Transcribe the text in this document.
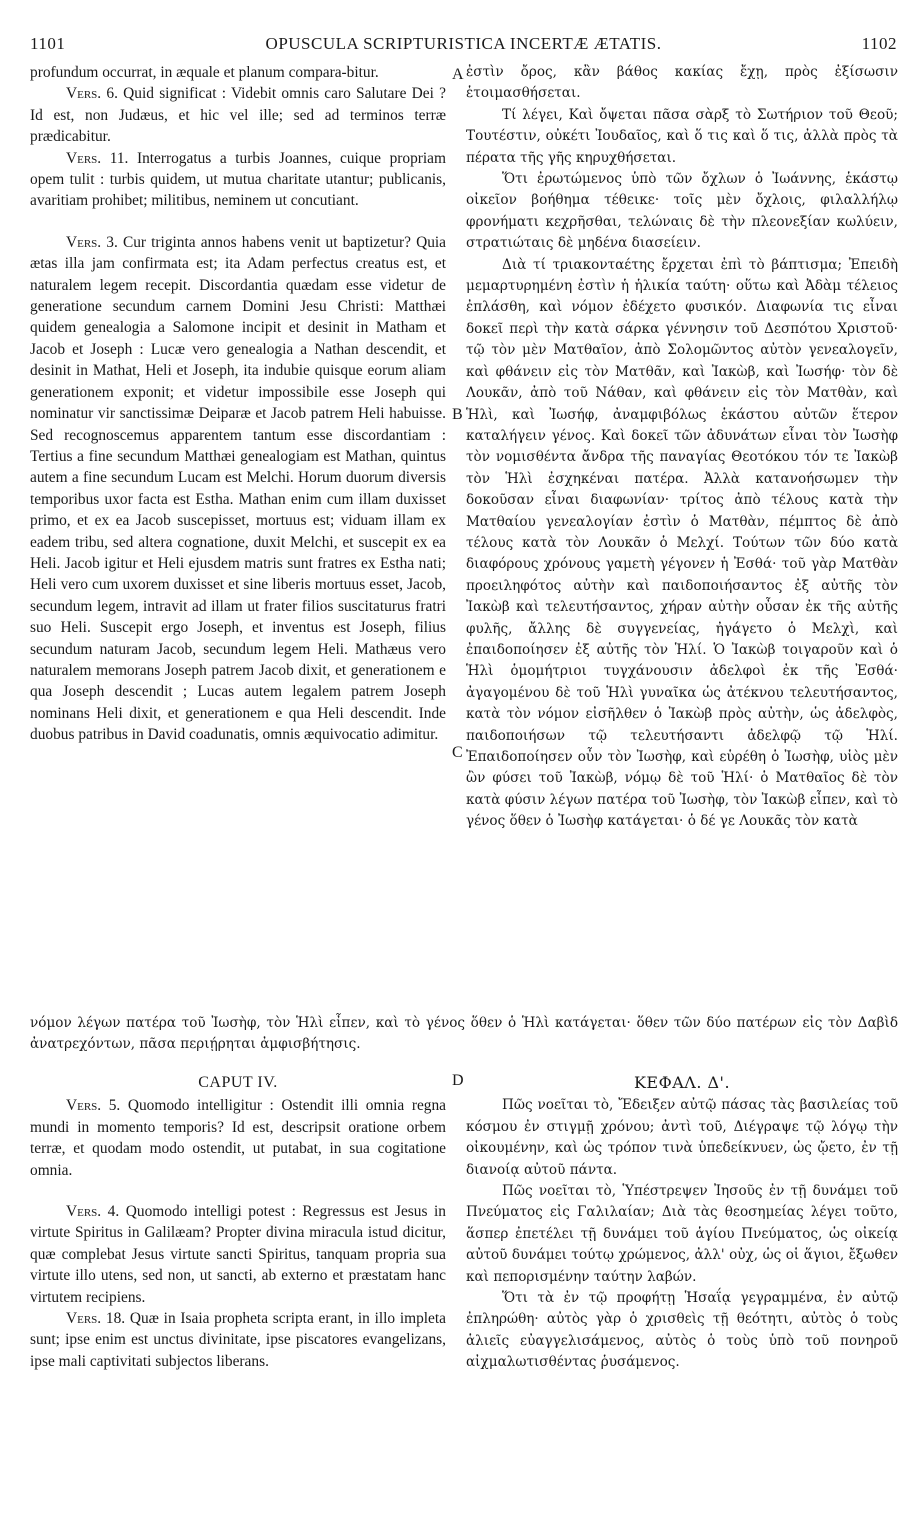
1101	OPUSCULA SCRIPTURISTICA INCERTÆ ÆTATIS.	1102
A
B
C
D

profundum occurrat, in æquale et planum compara-bitur.

Vers. 6. Quid significat : Videbit omnis caro Salutare Dei ? Id est, non Judæus, et hic vel ille; sed ad terminos terræ prædicabitur.

Vers. 11. Interrogatus a turbis Joannes, cuique propriam opem tulit : turbis quidem, ut mutua charitate utantur; publicanis, avaritiam prohibet; militibus, neminem ut concutiant.

Vers. 3. Cur triginta annos habens venit ut baptizetur? Quia ætas illa jam confirmata est; ita Adam perfectus creatus est, et naturalem legem recepit. Discordantia quædam esse videtur de generatione secundum carnem Domini Jesu Christi: Matthæi quidem genealogia a Salomone incipit et desinit in Matham et Jacob et Joseph : Lucæ vero genealogia a Nathan descendit, et desinit in Mathat, Heli et Joseph, ita indubie quisque eorum aliam generationem exponit; et videtur impossibile esse Joseph qui nominatur vir sanctissimæ Deiparæ et Jacob patrem Heli habuisse. Sed recognoscemus apparentem tantum esse discordantiam : Tertius a fine secundum Matthæi genealogiam est Mathan, quintus autem a fine secundum Lucam est Melchi. Horum duorum diversis temporibus uxor facta est Estha. Mathan enim cum illam duxisset primo, et ex ea Jacob suscepisset, mortuus est; viduam illam ex eadem tribu, sed altera cognatione, duxit Melchi, et suscepit ex ea Heli. Jacob igitur et Heli ejusdem matris sunt fratres ex Estha nati; Heli vero cum uxorem duxisset et sine liberis mortuus esset, Jacob, secundum legem, intravit ad illam ut frater filios suscitaturus fratri suo Heli. Suscepit ergo Joseph, et inventus est Joseph, filius secundum naturam Jacob, secundum legem Heli. Mathæus vero naturalem memorans Joseph patrem Jacob dixit, et generationem e qua Joseph descendit ; Lucas autem legalem patrem Joseph nominans Heli dixit, et generationem e qua Heli descendit. Inde duobus patribus in David coadunatis, omnis æquivocatio adimitur.

ἐστὶν ὄρος, κἂν βάθος κακίας ἔχῃ, πρὸς ἐξίσωσιν ἑτοιμασθήσεται.

Τί λέγει, Καὶ ὄψεται πᾶσα σὰρξ τὸ Σωτήριον τοῦ Θεοῦ; Τουτέστιν, οὐκέτι Ἰουδαῖος, καὶ ὅ τις καὶ ὅ τις, ἀλλὰ πρὸς τὰ πέρατα τῆς γῆς κηρυχθήσεται.

Ὅτι ἐρωτώμενος ὑπὸ τῶν ὄχλων ὁ Ἰωάννης, ἑκάστῳ οἰκεῖον βοήθημα τέθεικε· τοῖς μὲν ὄχλοις, φιλαλλήλῳ φρονήματι κεχρῆσθαι, τελώναις δὲ τὴν πλεονεξίαν κωλύειν, στρατιώταις δὲ μηδένα διασείειν.

Διὰ τί τριακονταέτης ἔρχεται ἐπὶ τὸ βάπτισμα; Ἐπειδὴ μεμαρτυρημένη ἐστὶν ἡ ἡλικία ταύτη· οὕτω καὶ Ἀδὰμ τέλειος ἐπλάσθη, καὶ νόμον ἐδέχετο φυσικόν. Διαφωνία τις εἶναι δοκεῖ περὶ τὴν κατὰ σάρκα γέννησιν τοῦ Δεσπότου Χριστοῦ· τῷ τὸν μὲν Ματθαῖον, ἀπὸ Σολομῶντος αὐτὸν γενεαλογεῖν, καὶ φθάνειν εἰς τὸν Ματθᾶν, καὶ Ἰακὼβ, καὶ Ἰωσήφ· τὸν δὲ Λουκᾶν, ἀπὸ τοῦ Νάθαν, καὶ φθάνειν εἰς τὸν Ματθὰν, καὶ Ἡλὶ, καὶ Ἰωσήφ, ἀναμφιβόλως ἑκάστου αὐτῶν ἕτερον καταλήγειν γένος. Καὶ δοκεῖ τῶν ἀδυνάτων εἶναι τὸν Ἰωσὴφ τὸν νομισθέντα ἄνδρα τῆς παναγίας Θεοτόκου τόν τε Ἰακὼβ τὸν Ἡλὶ ἐσχηκέναι πατέρα. Ἀλλὰ κατανοήσωμεν τὴν δοκοῦσαν εἶναι διαφωνίαν· τρίτος ἀπὸ τέλους κατὰ τὴν Ματθαίου γενεαλογίαν ἐστὶν ὁ Ματθὰν, πέμπτος δὲ ἀπὸ τέλους κατὰ τὸν Λουκᾶν ὁ Μελχί. Τούτων τῶν δύο κατὰ διαφόρους χρόνους γαμετὴ γέγονεν ἡ Ἐσθά· τοῦ γὰρ Ματθὰν προειληφότος αὐτὴν καὶ παιδοποιήσαντος ἐξ αὐτῆς τὸν Ἰακὼβ καὶ τελευτήσαντος, χήραν αὐτὴν οὖσαν ἐκ τῆς αὐτῆς φυλῆς, ἄλλης δὲ συγγενείας, ἠγάγετο ὁ Μελχὶ, καὶ ἐπαιδοποίησεν ἐξ αὐτῆς τὸν Ἡλί. Ὁ Ἰακὼβ τοιγαροῦν καὶ ὁ Ἡλὶ ὁμομήτριοι τυγχάνουσιν ἀδελφοὶ ἐκ τῆς Ἐσθά· ἀγαγομένου δὲ τοῦ Ἡλὶ γυναῖκα ὡς ἀτέκνου τελευτήσαντος, κατὰ τὸν νόμον εἰσῆλθεν ὁ Ἰακὼβ πρὸς αὐτὴν, ὡς ἀδελφὸς, παιδοποιήσων τῷ τελευτήσαντι ἀδελφῷ τῷ Ἡλί. Ἐπαιδοποίησεν οὖν τὸν Ἰωσὴφ, καὶ εὑρέθη ὁ Ἰωσὴφ, υἱὸς μὲν ὢν φύσει τοῦ Ἰακὼβ, νόμῳ δὲ τοῦ Ἡλί· ὁ Ματθαῖος δὲ τὸν κατὰ φύσιν λέγων πατέρα τοῦ Ἰωσὴφ, τὸν Ἰακὼβ εἶπεν, καὶ τὸ γένος ὅθεν ὁ Ἰωσὴφ κατάγεται· ὁ δέ γε Λουκᾶς τὸν κατὰ

νόμον λέγων πατέρα τοῦ Ἰωσὴφ, τὸν Ἡλὶ εἶπεν, καὶ τὸ γένος ὅθεν ὁ Ἡλὶ κατάγεται· ὅθεν τῶν δύο πατέρων εἰς τὸν Δαβὶδ ἀνατρεχόντων, πᾶσα περιῄρηται ἀμφισβήτησις.
CAPUT IV.

Vers. 5. Quomodo intelligitur : Ostendit illi omnia regna mundi in momento temporis? Id est, descripsit oratione orbem terræ, et quodam modo ostendit, ut putabat, in sua cogitatione omnia.

Vers. 4. Quomodo intelligi potest : Regressus est Jesus in virtute Spiritus in Galilæam? Propter divina miracula istud dicitur, quæ complebat Jesus virtute sancti Spiritus, tanquam propria sua virtute illo utens, sed non, ut sancti, ab externo et præstatam hanc virtutem recipiens.

Vers. 18. Quæ in Isaia propheta scripta erant, in illo impleta sunt; ipse enim est unctus divinitate, ipse piscatores evangelizans, ipse mali captivitati subjectos liberans.

ΚΕΦΑΛ. Δ'.

Πῶς νοεῖται τὸ, Ἔδειξεν αὐτῷ πάσας τὰς βασιλείας τοῦ κόσμου ἐν στιγμῇ χρόνου; ἀντὶ τοῦ, Διέγραψε τῷ λόγῳ τὴν οἰκουμένην, καὶ ὡς τρόπον τινὰ ὑπεδείκνυεν, ὡς ᾤετο, ἐν τῇ διανοίᾳ αὐτοῦ πάντα.

Πῶς νοεῖται τὸ, Ὑπέστρεψεν Ἰησοῦς ἐν τῇ δυνάμει τοῦ Πνεύματος εἰς Γαλιλαίαν; Διὰ τὰς θεοσημείας λέγει τοῦτο, ἅσπερ ἐπετέλει τῇ δυνάμει τοῦ ἁγίου Πνεύματος, ὡς οἰκείᾳ αὐτοῦ δυνάμει τούτῳ χρώμενος, ἀλλ' οὐχ, ὡς οἱ ἅγιοι, ἔξωθεν καὶ πεπορισμένην ταύτην λαβών.

Ὅτι τὰ ἐν τῷ προφήτῃ Ἡσαΐᾳ γεγραμμένα, ἐν αὐτῷ ἐπληρώθη· αὐτὸς γὰρ ὁ χρισθεὶς τῇ θεότητι, αὐτὸς ὁ τοὺς ἁλιεῖς εὐαγγελισάμενος, αὐτὸς ὁ τοὺς ὑπὸ τοῦ πονηροῦ αἰχμαλωτισθέντας ῥυσάμενος.
